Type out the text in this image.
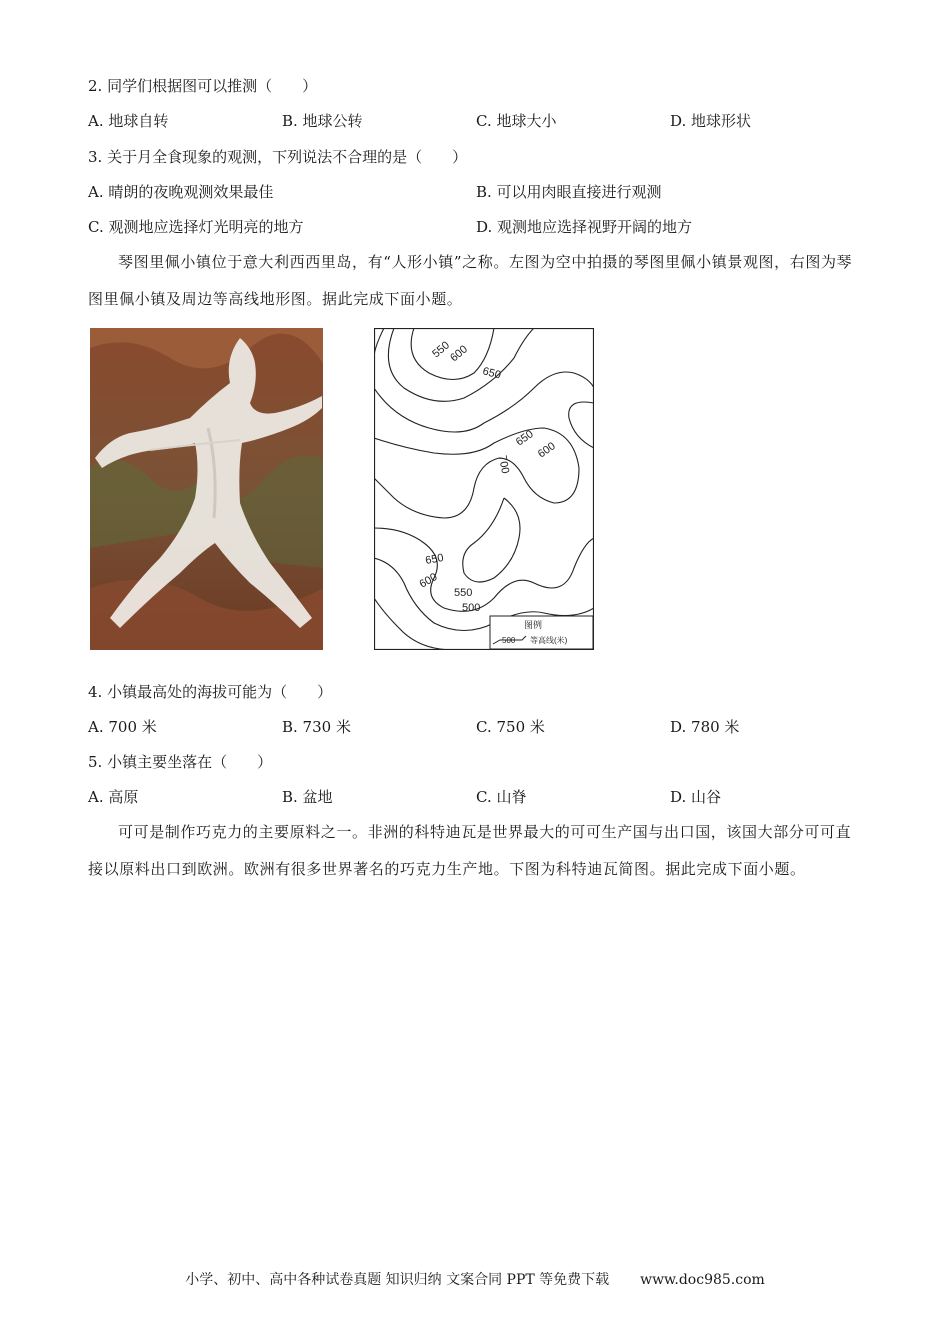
2. 同学们根据图可以推测（　　）
A. 地球自转	B. 地球公转	C. 地球大小	D. 地球形状
3. 关于月全食现象的观测，下列说法不合理的是（　　）
A. 晴朗的夜晚观测效果最佳	B. 可以用肉眼直接进行观测
C. 观测地应选择灯光明亮的地方	D. 观测地应选择视野开阔的地方
琴图里佩小镇位于意大利西西里岛，有“人形小镇”之称。左图为空中拍摄的琴图里佩小镇景观图，右图为琴图里佩小镇及周边等高线地形图。据此完成下面小题。
550
600
650
650
600
700
650
600
550
500
图例
500 等高线(米)
4. 小镇最高处的海拔可能为（　　）
A. 700 米	B. 730 米	C. 750 米	D. 780 米
5. 小镇主要坐落在（　　）
A. 高原	B. 盆地	C. 山脊	D. 山谷
可可是制作巧克力的主要原料之一。非洲的科特迪瓦是世界最大的可可生产国与出口国，该国大部分可可直接以原料出口到欧洲。欧洲有很多世界著名的巧克力生产地。下图为科特迪瓦简图。据此完成下面小题。
小学、初中、高中各种试卷真题 知识归纳 文案合同 PPT 等免费下载 www.doc985.com
